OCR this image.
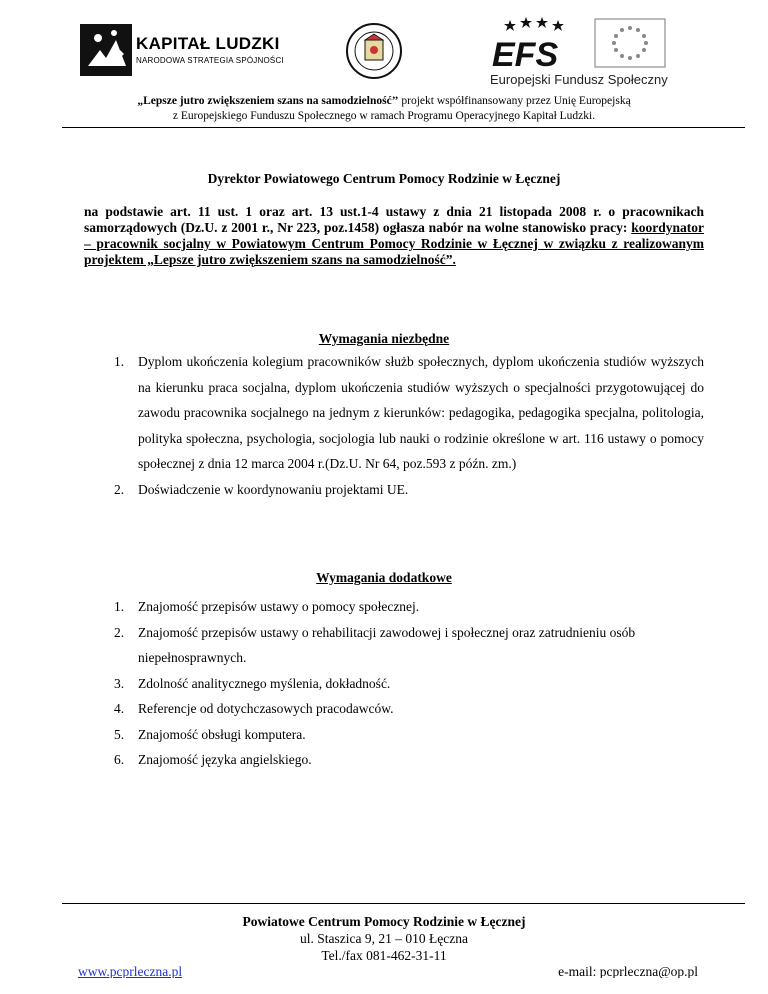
KAPITAŁ LUDZKI
NARODOWA STRATEGIA SPÓJNOŚCI	EFS
Europejski Fundusz Społeczny
„Lepsze jutro zwiększeniem szans na samodzielność’’ projekt współfinansowany przez Unię Europejską
z Europejskiego Funduszu Społecznego w ramach Programu Operacyjnego Kapitał Ludzki.
Dyrektor Powiatowego Centrum Pomocy Rodzinie w Łęcznej
na podstawie art. 11 ust. 1 oraz art. 13 ust.1-4 ustawy z dnia 21 listopada 2008 r. o pracownikach samorządowych (Dz.U. z 2001 r., Nr 223, poz.1458) ogłasza nabór na wolne stanowisko pracy: koordynator – pracownik socjalny w Powiatowym Centrum Pomocy Rodzinie w Łęcznej w związku z realizowanym projektem „Lepsze jutro zwiększeniem szans na samodzielność”.
Wymagania niezbędne
1. Dyplom ukończenia kolegium pracowników służb społecznych, dyplom ukończenia studiów wyższych na kierunku praca socjalna, dyplom ukończenia studiów wyższych o specjalności przygotowującej do zawodu pracownika socjalnego na jednym z kierunków: pedagogika, pedagogika specjalna, politologia, polityka społeczna, psychologia, socjologia lub nauki o rodzinie określone w art. 116 ustawy o pomocy społecznej z dnia 12 marca 2004 r.(Dz.U. Nr 64, poz.593 z późn. zm.)
2. Doświadczenie w koordynowaniu projektami UE.
Wymagania dodatkowe
1. Znajomość przepisów ustawy o pomocy społecznej.
2. Znajomość przepisów ustawy o rehabilitacji zawodowej i społecznej oraz zatrudnieniu osób niepełnosprawnych.
3. Zdolność analitycznego myślenia, dokładność.
4. Referencje od dotychczasowych pracodawców.
5. Znajomość obsługi komputera.
6. Znajomość języka angielskiego.
Powiatowe Centrum Pomocy Rodzinie w Łęcznej
ul. Staszica 9, 21 – 010 Łęczna
Tel./fax 081-462-31-11
www.pcprleczna.pl	e-mail: pcprleczna@op.pl
